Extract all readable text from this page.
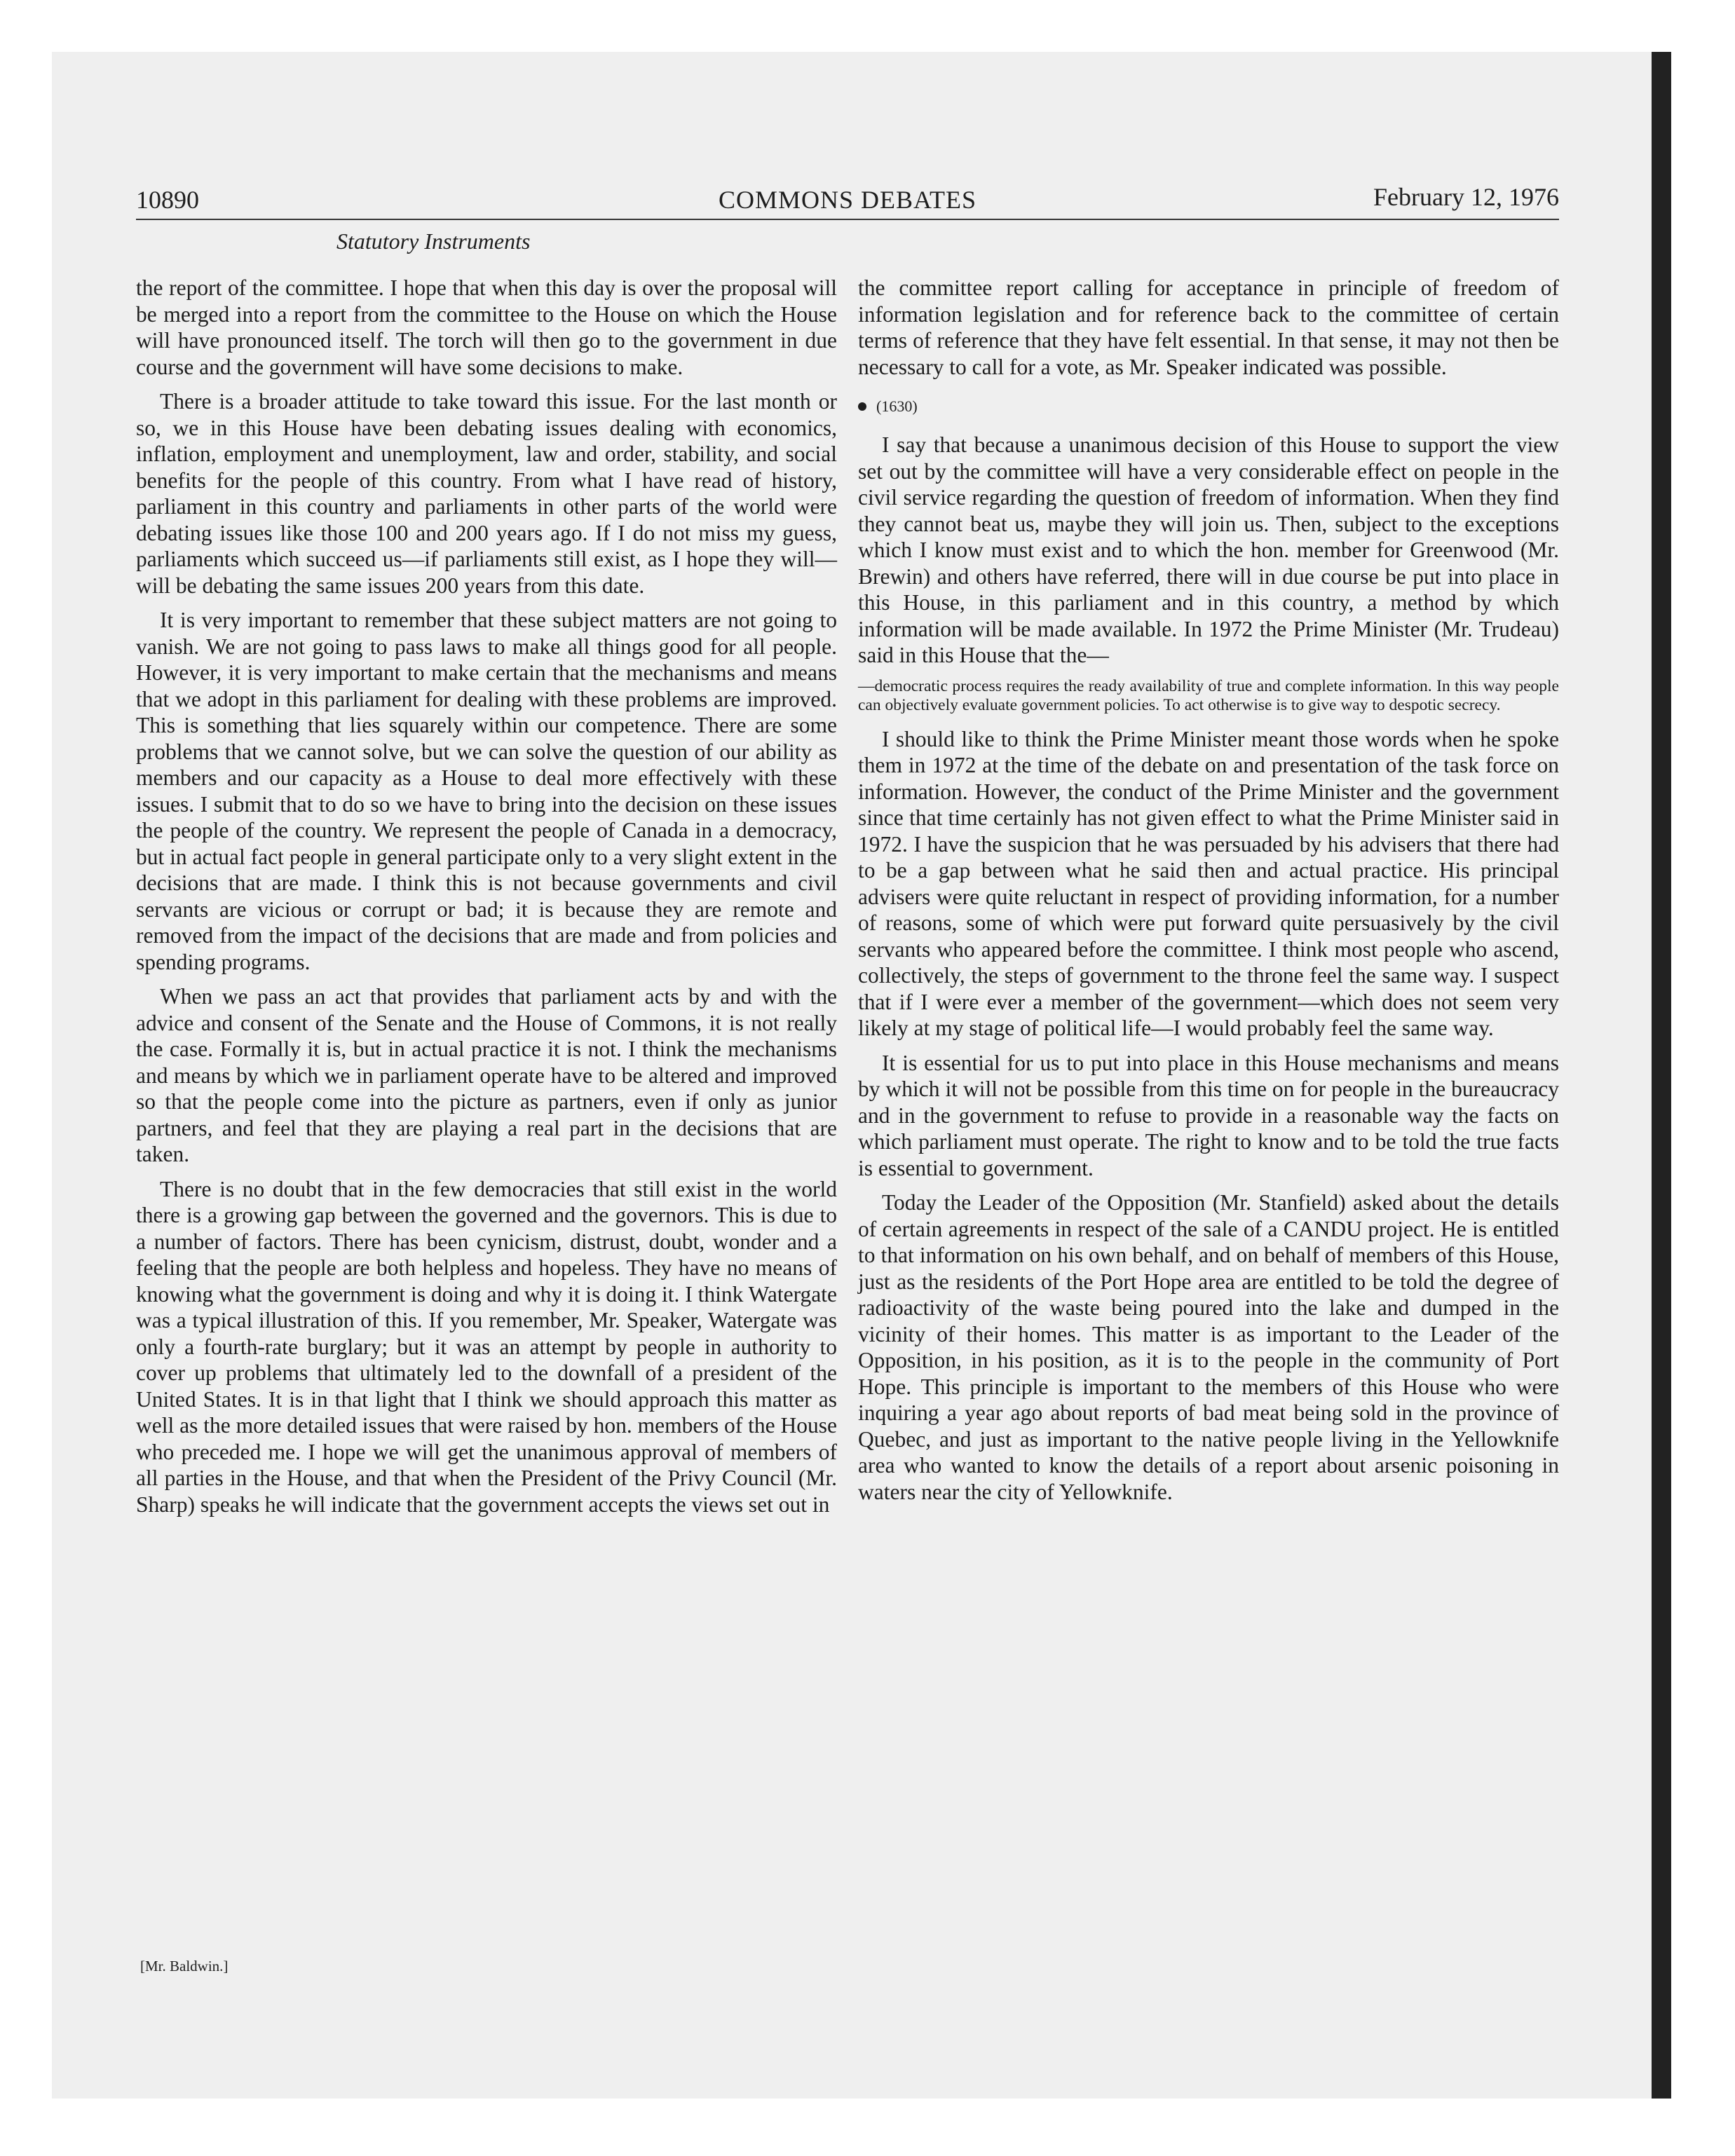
10890	COMMONS DEBATES	February 12, 1976
Statutory Instruments

the report of the committee. I hope that when this day is over the proposal will be merged into a report from the committee to the House on which the House will have pronounced itself. The torch will then go to the government in due course and the government will have some decisions to make.

There is a broader attitude to take toward this issue. For the last month or so, we in this House have been debating issues dealing with economics, inflation, employment and unemployment, law and order, stability, and social benefits for the people of this country. From what I have read of history, parliament in this country and parliaments in other parts of the world were debating issues like those 100 and 200 years ago. If I do not miss my guess, parliaments which succeed us—if parliaments still exist, as I hope they will—will be debating the same issues 200 years from this date.

It is very important to remember that these subject matters are not going to vanish. We are not going to pass laws to make all things good for all people. However, it is very important to make certain that the mechanisms and means that we adopt in this parliament for dealing with these problems are improved. This is something that lies squarely within our competence. There are some problems that we cannot solve, but we can solve the question of our ability as members and our capacity as a House to deal more effectively with these issues. I submit that to do so we have to bring into the decision on these issues the people of the country. We represent the people of Canada in a democracy, but in actual fact people in general participate only to a very slight extent in the decisions that are made. I think this is not because governments and civil servants are vicious or corrupt or bad; it is because they are remote and removed from the impact of the decisions that are made and from policies and spending programs.

When we pass an act that provides that parliament acts by and with the advice and consent of the Senate and the House of Commons, it is not really the case. Formally it is, but in actual practice it is not. I think the mechanisms and means by which we in parliament operate have to be altered and improved so that the people come into the picture as partners, even if only as junior partners, and feel that they are playing a real part in the decisions that are taken.

There is no doubt that in the few democracies that still exist in the world there is a growing gap between the governed and the governors. This is due to a number of factors. There has been cynicism, distrust, doubt, wonder and a feeling that the people are both helpless and hopeless. They have no means of knowing what the government is doing and why it is doing it. I think Watergate was a typical illustration of this. If you remember, Mr. Speaker, Watergate was only a fourth-rate burglary; but it was an attempt by people in authority to cover up problems that ultimately led to the downfall of a president of the United States. It is in that light that I think we should approach this matter as well as the more detailed issues that were raised by hon. members of the House who preceded me. I hope we will get the unanimous approval of members of all parties in the House, and that when the President of the Privy Council (Mr. Sharp) speaks he will indicate that the government accepts the views set out in

the committee report calling for acceptance in principle of freedom of information legislation and for reference back to the committee of certain terms of reference that they have felt essential. In that sense, it may not then be necessary to call for a vote, as Mr. Speaker indicated was possible.

(1630)

I say that because a unanimous decision of this House to support the view set out by the committee will have a very considerable effect on people in the civil service regarding the question of freedom of information. When they find they cannot beat us, maybe they will join us. Then, subject to the exceptions which I know must exist and to which the hon. member for Greenwood (Mr. Brewin) and others have referred, there will in due course be put into place in this House, in this parliament and in this country, a method by which information will be made available. In 1972 the Prime Minister (Mr. Trudeau) said in this House that the—

—democratic process requires the ready availability of true and complete information. In this way people can objectively evaluate government policies. To act otherwise is to give way to despotic secrecy.

I should like to think the Prime Minister meant those words when he spoke them in 1972 at the time of the debate on and presentation of the task force on information. However, the conduct of the Prime Minister and the government since that time certainly has not given effect to what the Prime Minister said in 1972. I have the suspicion that he was persuaded by his advisers that there had to be a gap between what he said then and actual practice. His principal advisers were quite reluctant in respect of providing information, for a number of reasons, some of which were put forward quite persuasively by the civil servants who appeared before the committee. I think most people who ascend, collectively, the steps of government to the throne feel the same way. I suspect that if I were ever a member of the government—which does not seem very likely at my stage of political life—I would probably feel the same way.

It is essential for us to put into place in this House mechanisms and means by which it will not be possible from this time on for people in the bureaucracy and in the government to refuse to provide in a reasonable way the facts on which parliament must operate. The right to know and to be told the true facts is essential to government.

Today the Leader of the Opposition (Mr. Stanfield) asked about the details of certain agreements in respect of the sale of a CANDU project. He is entitled to that information on his own behalf, and on behalf of members of this House, just as the residents of the Port Hope area are entitled to be told the degree of radioactivity of the waste being poured into the lake and dumped in the vicinity of their homes. This matter is as important to the Leader of the Opposition, in his position, as it is to the people in the community of Port Hope. This principle is important to the members of this House who were inquiring a year ago about reports of bad meat being sold in the province of Quebec, and just as important to the native people living in the Yellowknife area who wanted to know the details of a report about arsenic poisoning in waters near the city of Yellowknife.

[Mr. Baldwin.]
